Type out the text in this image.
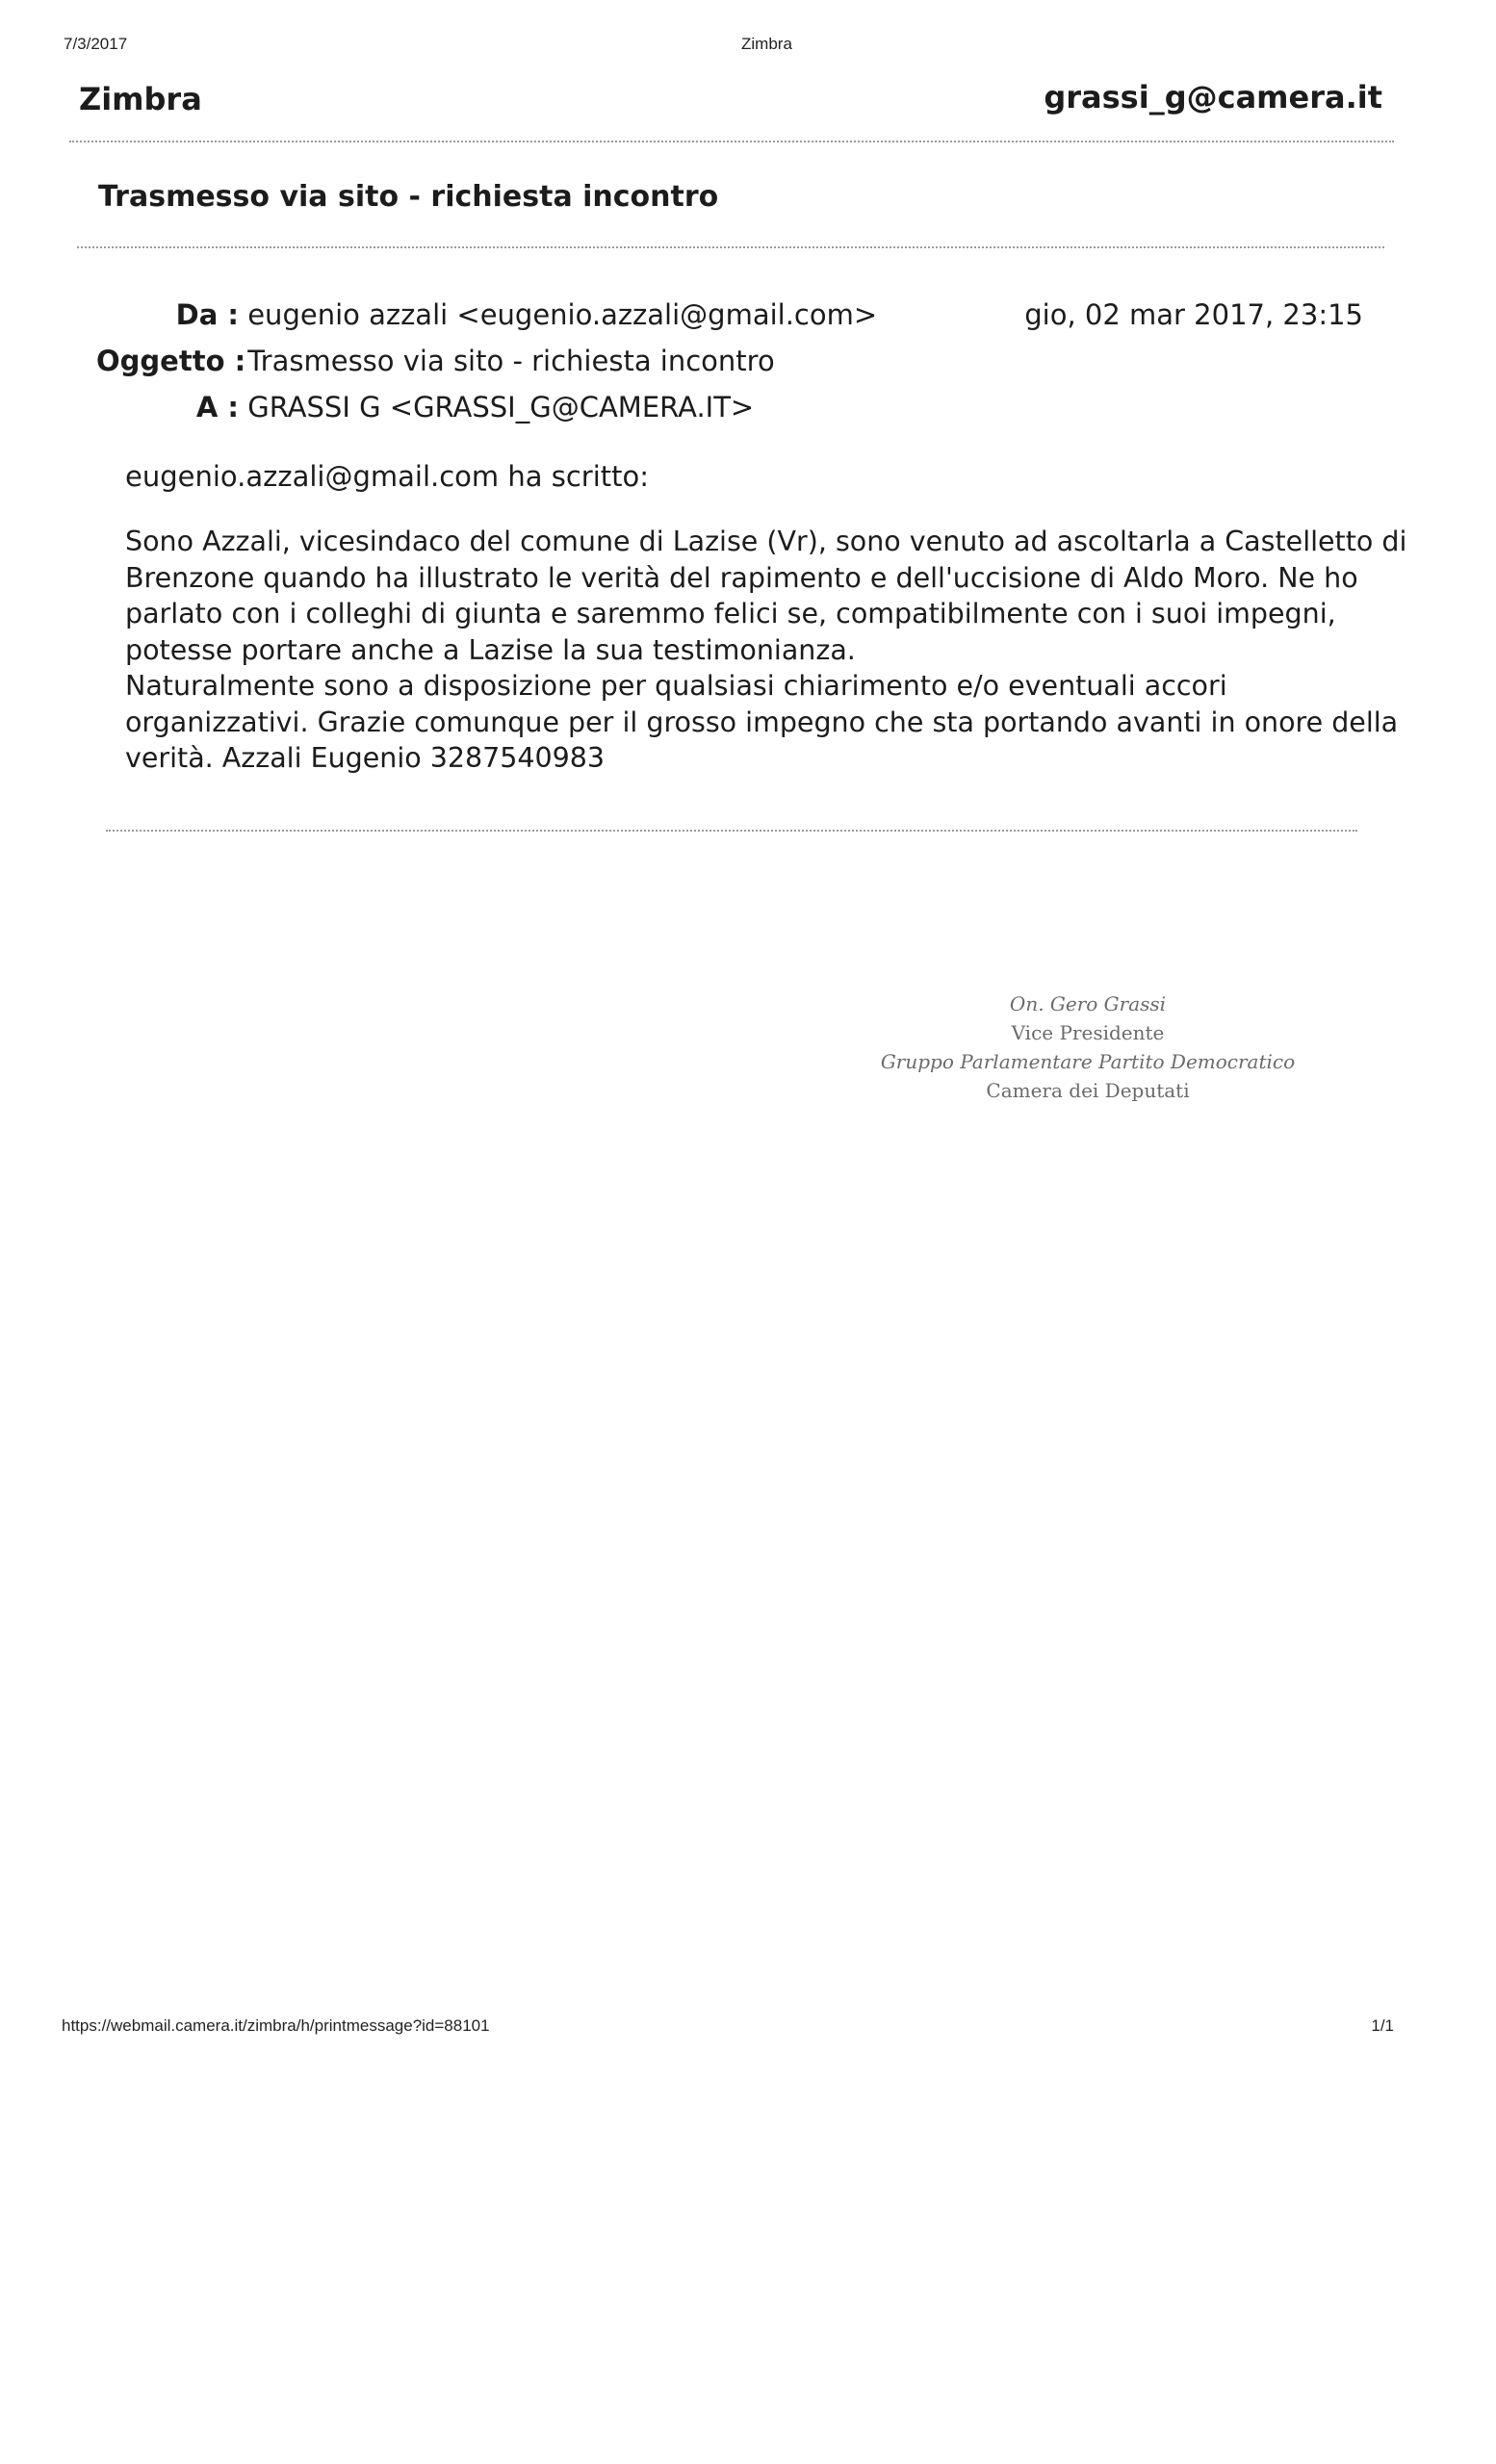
7/3/2017	Zimbra
Zimbra	grassi_g@camera.it
Trasmesso via sito - richiesta incontro
Da : eugenio azzali <eugenio.azzali@gmail.com>
Oggetto : Trasmesso via sito - richiesta incontro
A : GRASSI G <GRASSI_G@CAMERA.IT>
gio, 02 mar 2017, 23:15
eugenio.azzali@gmail.com ha scritto:

Sono Azzali, vicesindaco del comune di Lazise (Vr), sono venuto ad ascoltarla a Castelletto di

Brenzone quando ha illustrato le verità del rapimento e dell'uccisione di Aldo Moro. Ne ho

parlato con i colleghi di giunta e saremmo felici se, compatibilmente con i suoi impegni,

potesse portare anche a Lazise la sua testimonianza.

Naturalmente sono a disposizione per qualsiasi chiarimento e/o eventuali accori

organizzativi. Grazie comunque per il grosso impegno che sta portando avanti in onore della

verità. Azzali Eugenio 3287540983

On. Gero Grassi
Vice Presidente
Gruppo Parlamentare Partito Democratico
Camera dei Deputati
https://webmail.camera.it/zimbra/h/printmessage?id=88101	1/1
